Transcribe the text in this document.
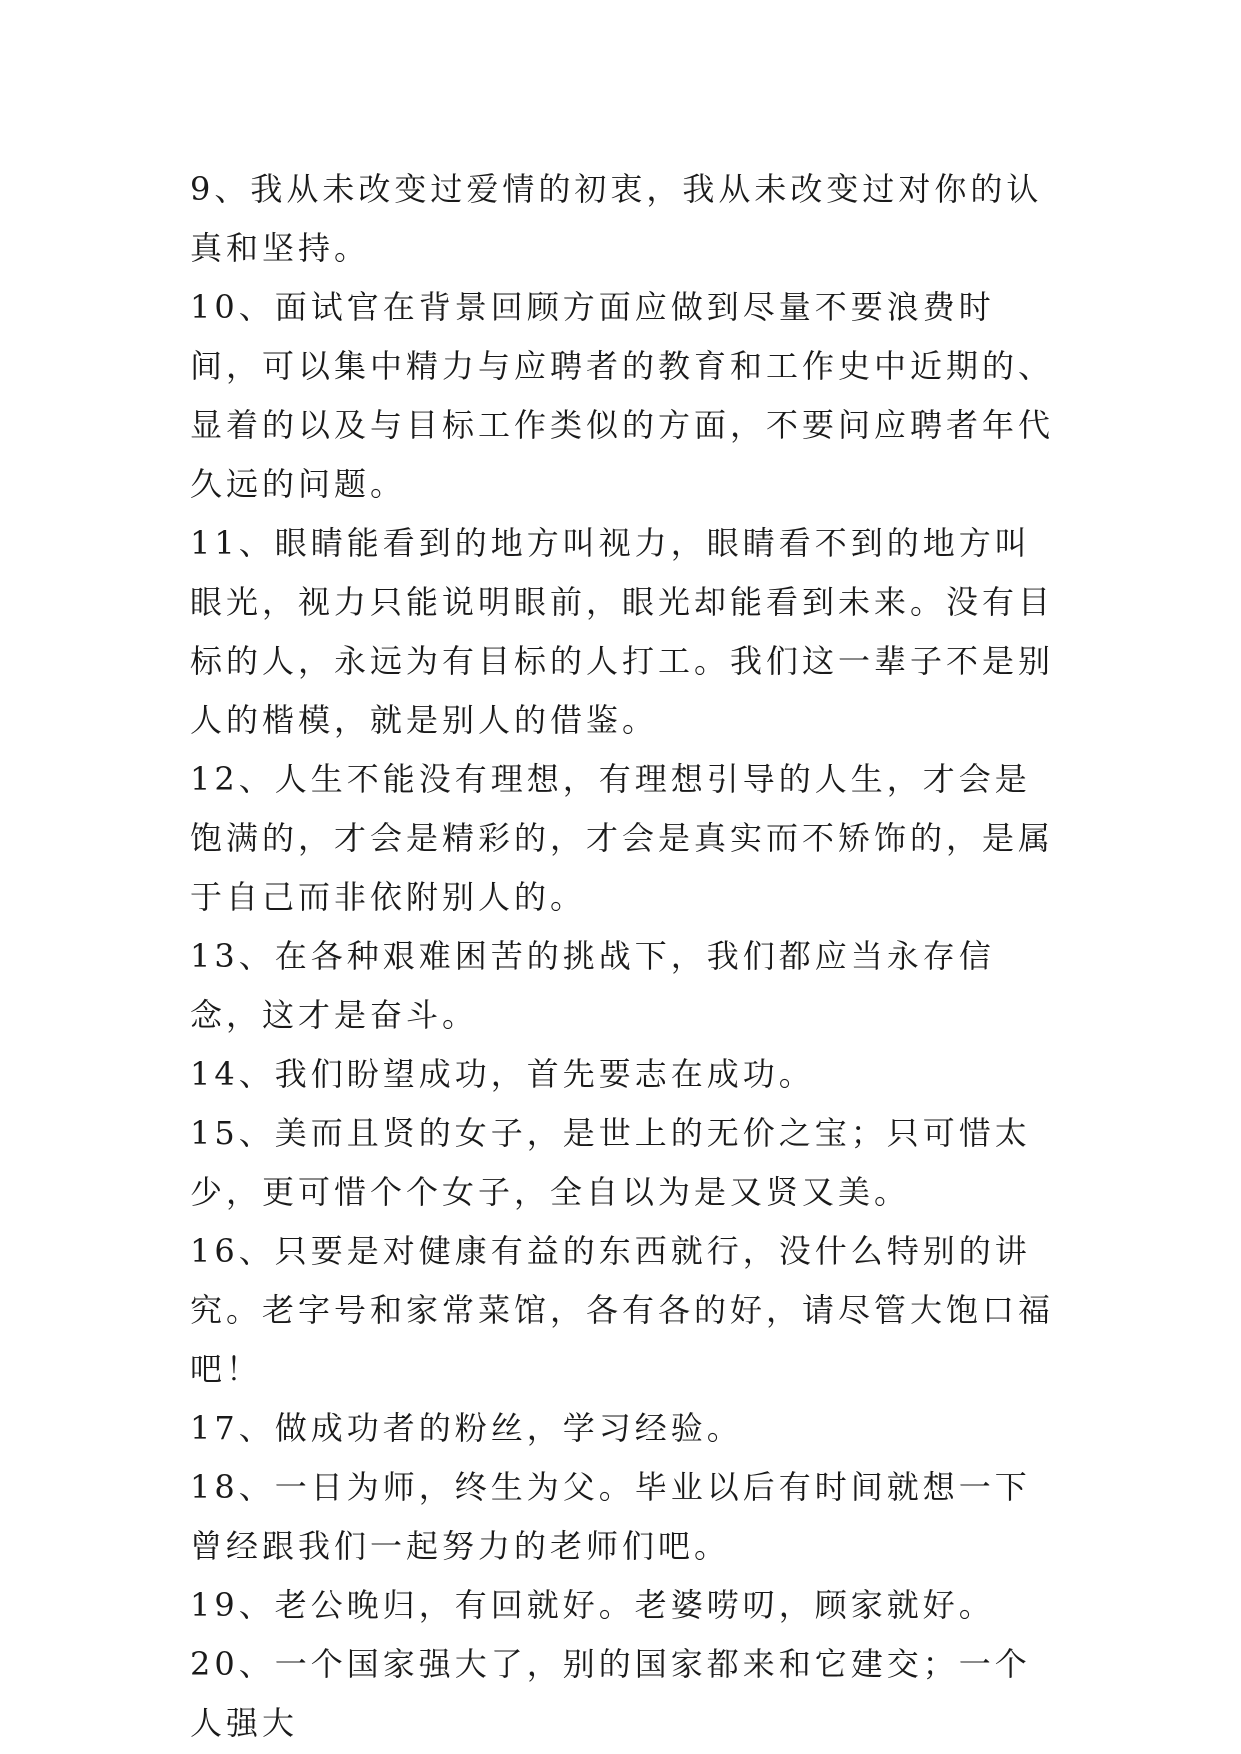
9、我从未改变过爱情的初衷，我从未改变过对你的认真和坚持。

10、面试官在背景回顾方面应做到尽量不要浪费时间，可以集中精力与应聘者的教育和工作史中近期的、显着的以及与目标工作类似的方面，不要问应聘者年代久远的问题。

11、眼睛能看到的地方叫视力，眼睛看不到的地方叫眼光，视力只能说明眼前，眼光却能看到未来。没有目标的人，永远为有目标的人打工。我们这一辈子不是别人的楷模，就是别人的借鉴。

12、人生不能没有理想，有理想引导的人生，才会是饱满的，才会是精彩的，才会是真实而不矫饰的，是属于自己而非依附别人的。

13、在各种艰难困苦的挑战下，我们都应当永存信念，这才是奋斗。

14、我们盼望成功，首先要志在成功。

15、美而且贤的女子，是世上的无价之宝；只可惜太少，更可惜个个女子，全自以为是又贤又美。

16、只要是对健康有益的东西就行，没什么特别的讲究。老字号和家常菜馆，各有各的好，请尽管大饱口福吧！

17、做成功者的粉丝，学习经验。

18、一日为师，终生为父。毕业以后有时间就想一下曾经跟我们一起努力的老师们吧。

19、老公晚归，有回就好。老婆唠叨，顾家就好。

20、一个国家强大了，别的国家都来和它建交；一个人强大
